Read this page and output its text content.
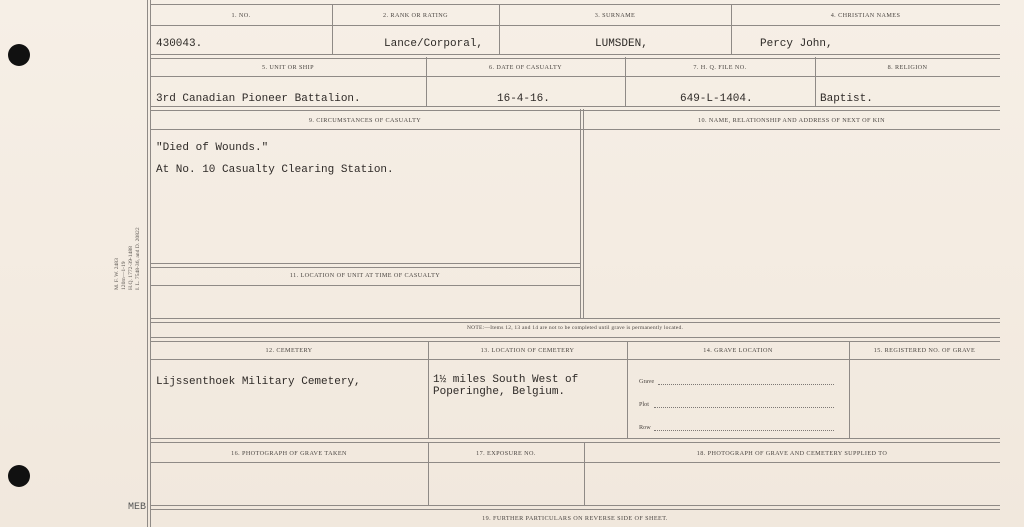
M. F. W. 2483 120m—1-19 H.Q. 1772-39-1488 I. L. 7548-36, and D. 20822
MEB
1. NO.	2. RANK OR RATING	3. SURNAME	4. CHRISTIAN NAMES
430043.	Lance/Corporal,	LUMSDEN,	Percy John,
5. UNIT OR SHIP	6. DATE OF CASUALTY	7. H. Q. FILE NO.	8. RELIGION
3rd Canadian Pioneer Battalion.	16-4-16.	649-L-1404.	Baptist.
9. CIRCUMSTANCES OF CASUALTY	10. NAME, RELATIONSHIP AND ADDRESS OF NEXT OF KIN
"Died of Wounds."
At No. 10 Casualty Clearing Station.
11. LOCATION OF UNIT AT TIME OF CASUALTY
NOTE:—Items 12, 13 and 14 are not to be completed until grave is permanently located.
12. CEMETERY	13. LOCATION OF CEMETERY	14. GRAVE LOCATION	15. REGISTERED NO. OF GRAVE
Lijssenthoek Military Cemetery,	1½ miles South West of
Poperinghe, Belgium.
Grave
Plot
Row
16. PHOTOGRAPH OF GRAVE TAKEN	17. EXPOSURE NO.	18. PHOTOGRAPH OF GRAVE AND CEMETERY SUPPLIED TO
19. FURTHER PARTICULARS ON REVERSE SIDE OF SHEET.
